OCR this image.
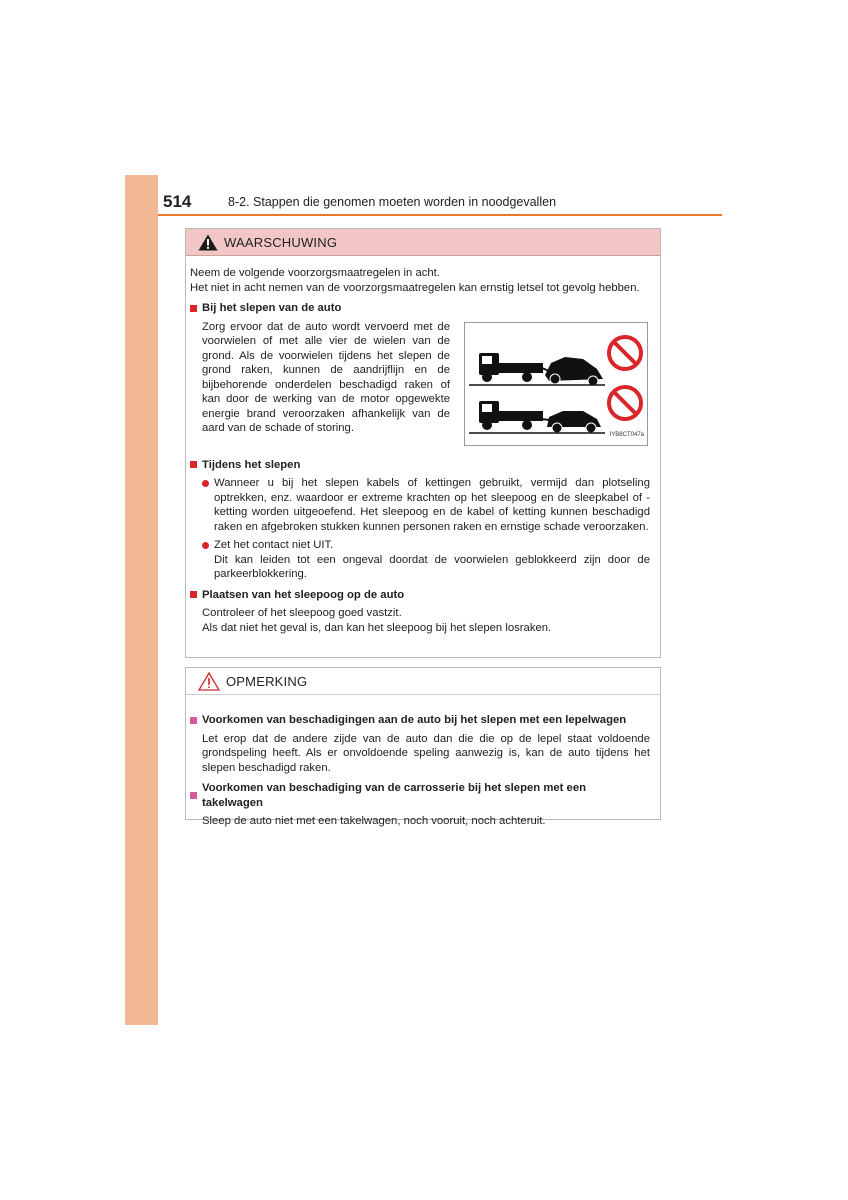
514	8-2. Stappen die genomen moeten worden in noodgevallen
WAARSCHUWING

Neem de volgende voorzorgsmaatregelen in acht.

Het niet in acht nemen van de voorzorgsmaatregelen kan ernstig letsel tot gevolg hebben.

Bij het slepen van de auto

Zorg ervoor dat de auto wordt vervoerd met de voorwielen of met alle vier de wielen van de grond. Als de voorwielen tijdens het slepen de grond raken, kunnen de aandrijflijn en de bijbehorende onderdelen beschadigd raken of kan door de werking van de motor opgewekte energie brand veroorzaken afhankelijk van de aard van de schade of storing.

IYB8CT047a
Tijdens het slepen

Wanneer u bij het slepen kabels of kettingen gebruikt, vermijd dan plotseling optrekken, enz. waardoor er extreme krachten op het sleepoog en de sleepkabel of -ketting worden uitgeoefend. Het sleepoog en de kabel of ketting kunnen beschadigd raken en afgebroken stukken kunnen personen raken en ernstige schade veroorzaken.

Zet het contact niet UIT.

Dit kan leiden tot een ongeval doordat de voorwielen geblokkeerd zijn door de parkeerblokkering.

Plaatsen van het sleepoog op de auto

Controleer of het sleepoog goed vastzit.

Als dat niet het geval is, dan kan het sleepoog bij het slepen losraken.

OPMERKING
Voorkomen van beschadigingen aan de auto bij het slepen met een lepelwagen

Let erop dat de andere zijde van de auto dan die die op de lepel staat voldoende grondspeling heeft. Als er onvoldoende speling aanwezig is, kan de auto tijdens het slepen beschadigd raken.

Voorkomen van beschadiging van de carrosserie bij het slepen met een takelwagen

Sleep de auto niet met een takelwagen, noch vooruit, noch achteruit.
